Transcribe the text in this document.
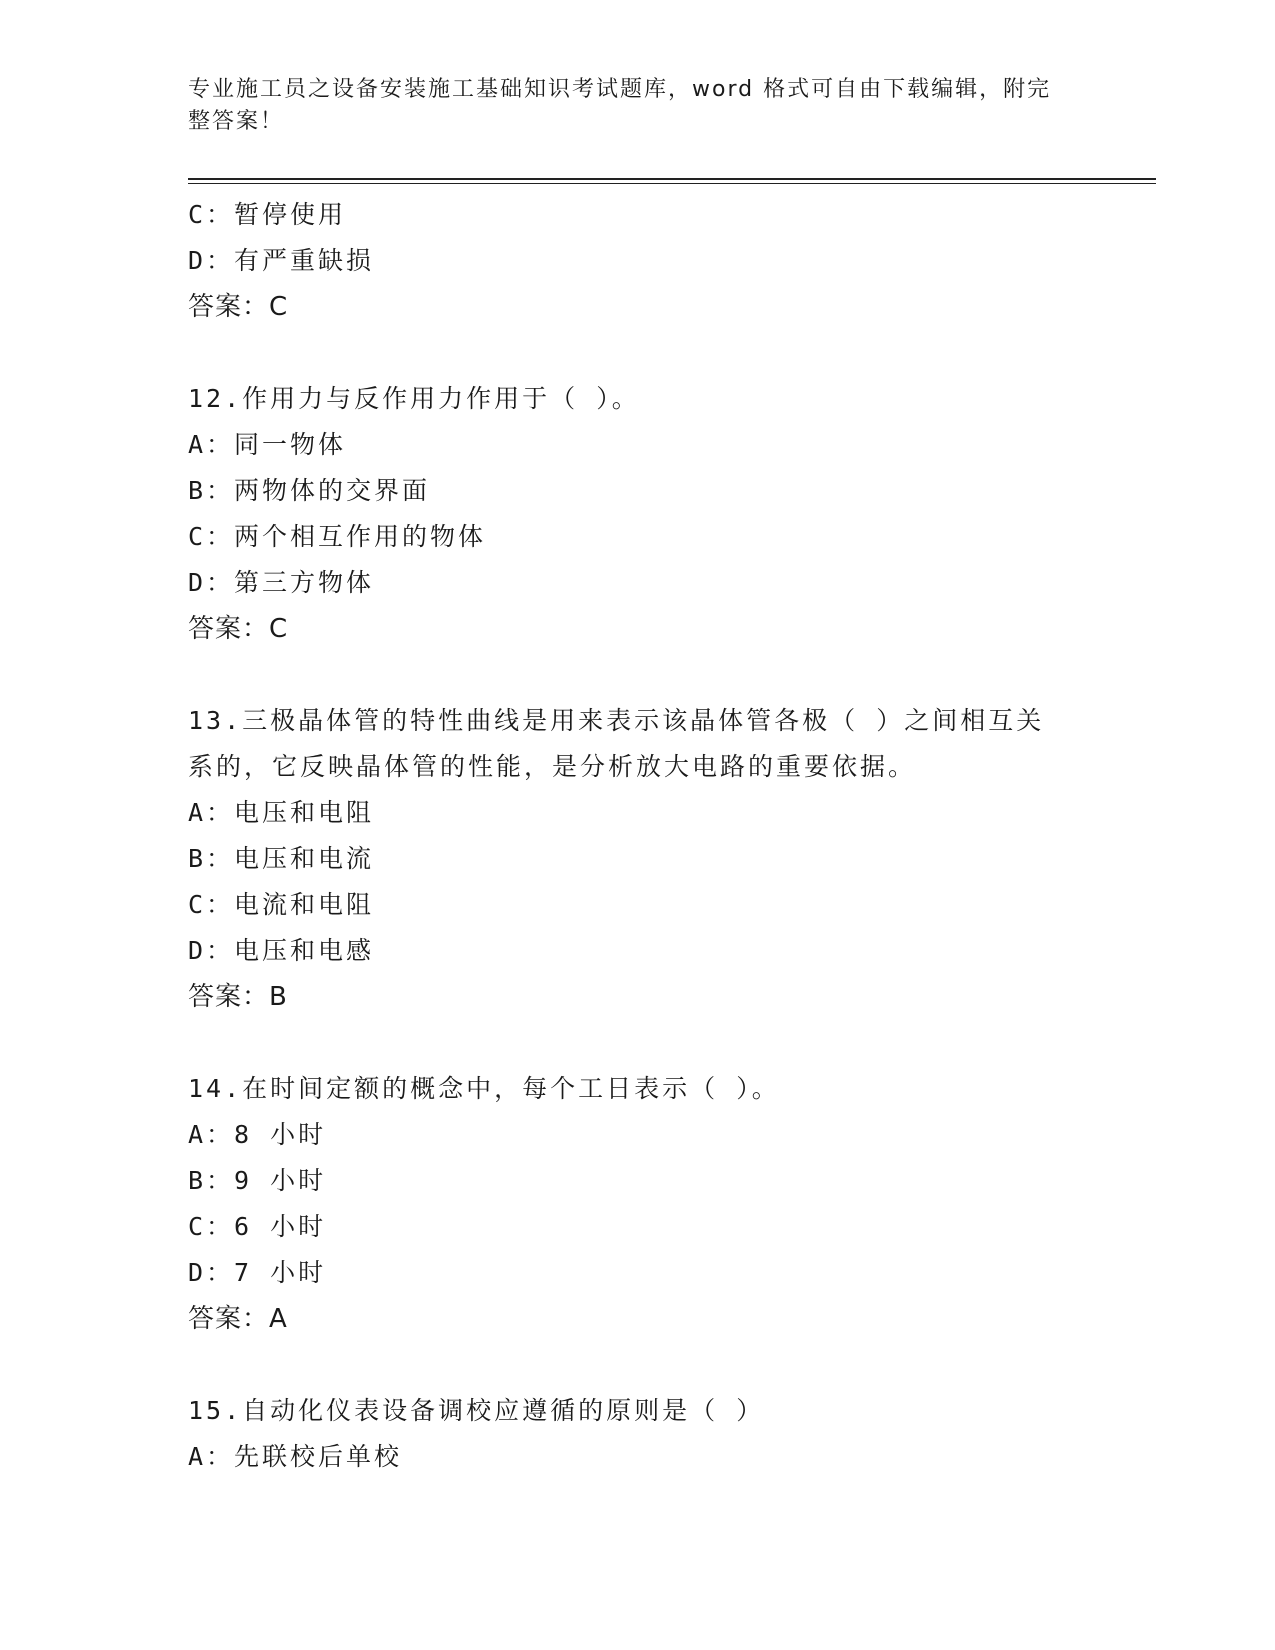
专业施工员之设备安装施工基础知识考试题库，word 格式可自由下载编辑，附完
整答案！
C：暂停使用
D：有严重缺损
答案：C
12.作用力与反作用力作用于（ ）。
A：同一物体
B：两物体的交界面
C：两个相互作用的物体
D：第三方物体
答案：C
13.三极晶体管的特性曲线是用来表示该晶体管各极（ ）之间相互关
系的，它反映晶体管的性能，是分析放大电路的重要依据。
A：电压和电阻
B：电压和电流
C：电流和电阻
D：电压和电感
答案：B
14.在时间定额的概念中，每个工日表示（ ）。
A：8 小时
B：9 小时
C：6 小时
D：7 小时
答案：A
15.自动化仪表设备调校应遵循的原则是（ ）
A：先联校后单校
